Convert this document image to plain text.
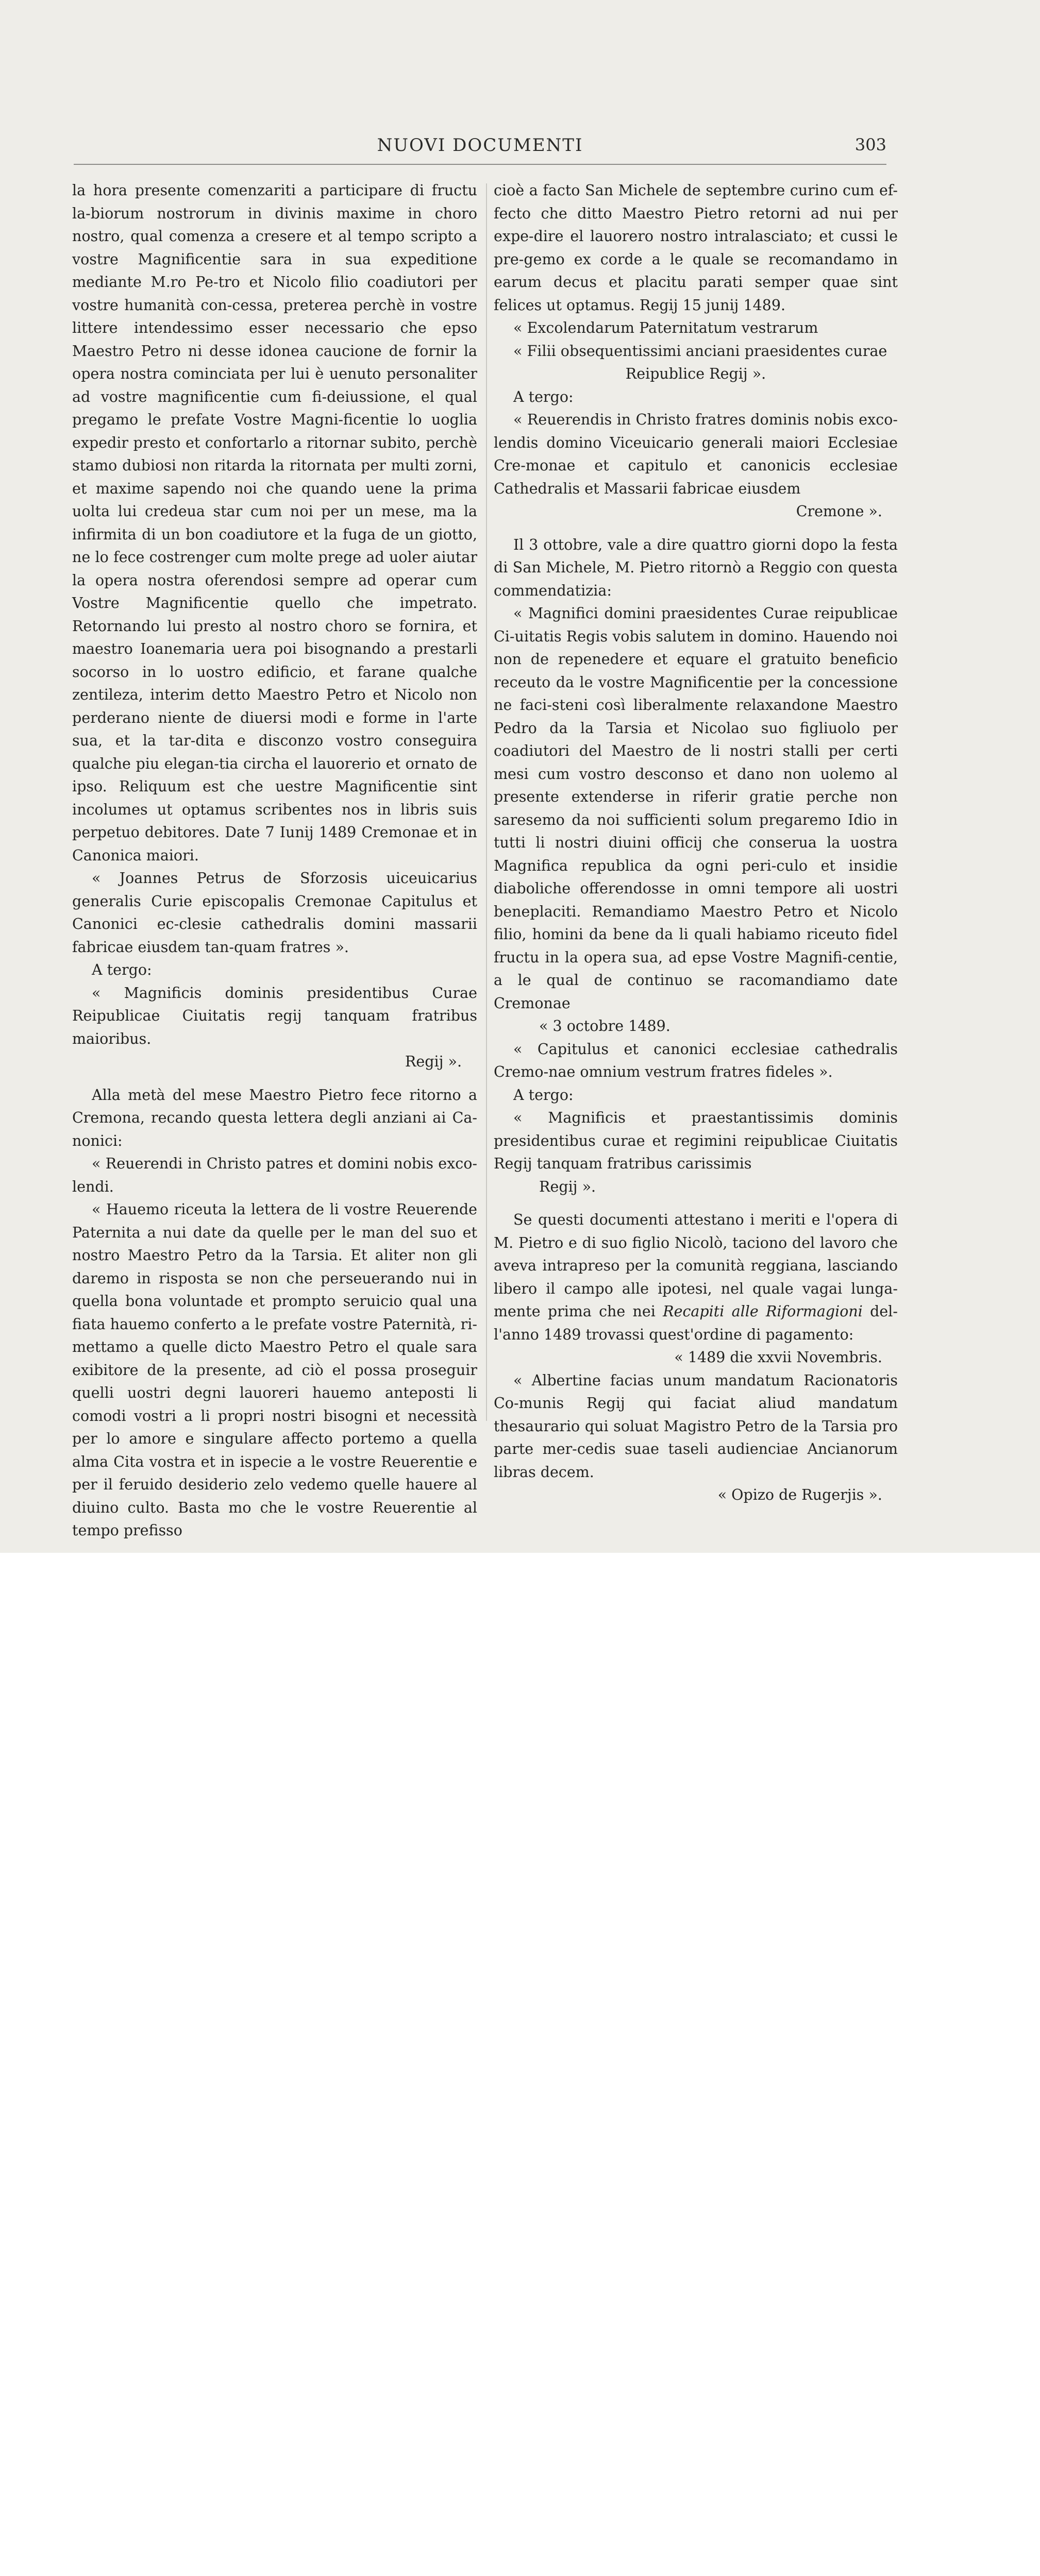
NUOVI DOCUMENTI	303

la hora presente comenzariti a participare di fructu la-biorum nostrorum in divinis maxime in choro nostro, qual comenza a cresere et al tempo scripto a vostre Magnificentie sara in sua expeditione mediante M.ro Pe-tro et Nicolo filio coadiutori per vostre humanità con-cessa, preterea perchè in vostre littere intendessimo esser necessario che epso Maestro Petro ni desse idonea caucione de fornir la opera nostra cominciata per lui è uenuto personaliter ad vostre magnificentie cum fi-deiussione, el qual pregamo le prefate Vostre Magni-ficentie lo uoglia expedir presto et confortarlo a ritornar subito, perchè stamo dubiosi non ritarda la ritornata per multi zorni, et maxime sapendo noi che quando uene la prima uolta lui credeua star cum noi per un mese, ma la infirmita di un bon coadiutore et la fuga de un giotto, ne lo fece costrenger cum molte prege ad uoler aiutar la opera nostra oferendosi sempre ad operar cum Vostre Magnificentie quello che impetrato. Retornando lui presto al nostro choro se fornira, et maestro Ioanemaria uera poi bisognando a prestarli socorso in lo uostro edificio, et farane qualche zentileza, interim detto Maestro Petro et Nicolo non perderano niente de diuersi modi e forme in l'arte sua, et la tar-dita e disconzo vostro conseguira qualche piu elegan-tia circha el lauorerio et ornato de ipso. Reliquum est che uestre Magnificentie sint incolumes ut optamus scribentes nos in libris suis perpetuo debitores. Date 7 Iunij 1489 Cremonae et in Canonica maiori.

« Joannes Petrus de Sforzosis uiceuicarius generalis Curie episcopalis Cremonae Capitulus et Canonici ec-clesie cathedralis domini massarii fabricae eiusdem tan-quam fratres ».

A tergo:

« Magnificis dominis presidentibus Curae Reipublicae Ciuitatis regij tanquam fratribus maioribus.

Regij ».

Alla metà del mese Maestro Pietro fece ritorno a Cremona, recando questa lettera degli anziani ai Ca-nonici:

« Reuerendi in Christo patres et domini nobis exco-lendi.

« Hauemo riceuta la lettera de li vostre Reuerende Paternita a nui date da quelle per le man del suo et nostro Maestro Petro da la Tarsia. Et aliter non gli daremo in risposta se non che perseuerando nui in quella bona voluntade et prompto seruicio qual una fiata hauemo conferto a le prefate vostre Paternità, ri-mettamo a quelle dicto Maestro Petro el quale sara exibitore de la presente, ad ciò el possa proseguir quelli uostri degni lauoreri hauemo anteposti li comodi vostri a li propri nostri bisogni et necessità per lo amore e singulare affecto portemo a quella alma Cita vostra et in ispecie a le vostre Reuerentie e per il feruido desiderio zelo vedemo quelle hauere al diuino culto. Basta mo che le vostre Reuerentie al tempo prefisso

cioè a facto San Michele de septembre curino cum ef-fecto che ditto Maestro Pietro retorni ad nui per expe-dire el lauorero nostro intralasciato; et cussi le pre-gemo ex corde a le quale se recomandamo in earum decus et placitu parati semper quae sint felices ut optamus. Regij 15 junij 1489.

« Excolendarum Paternitatum vestrarum

« Filii obsequentissimi anciani praesidentes curae

Reipublice Regij ».

A tergo:

« Reuerendis in Christo fratres dominis nobis exco-lendis domino Viceuicario generali maiori Ecclesiae Cre-monae et capitulo et canonicis ecclesiae Cathedralis et Massarii fabricae eiusdem

Cremone ».

Il 3 ottobre, vale a dire quattro giorni dopo la festa di San Michele, M. Pietro ritornò a Reggio con questa commendatizia:

« Magnifici domini praesidentes Curae reipublicae Ci-uitatis Regis vobis salutem in domino. Hauendo noi non de repenedere et equare el gratuito beneficio receuto da le vostre Magnificentie per la concessione ne faci-steni così liberalmente relaxandone Maestro Pedro da la Tarsia et Nicolao suo figliuolo per coadiutori del Maestro de li nostri stalli per certi mesi cum vostro desconso et dano non uolemo al presente extenderse in riferir gratie perche non saresemo da noi sufficienti solum pregaremo Idio in tutti li nostri diuini officij che conserua la uostra Magnifica republica da ogni peri-culo et insidie diaboliche offerendosse in omni tempore ali uostri beneplaciti. Remandiamo Maestro Petro et Nicolo filio, homini da bene da li quali habiamo riceuto fidel fructu in la opera sua, ad epse Vostre Magnifi-centie, a le qual de continuo se racomandiamo date Cremonae

« 3 octobre 1489.

« Capitulus et canonici ecclesiae cathedralis Cremo-nae omnium vestrum fratres fideles ».

A tergo:

« Magnificis et praestantissimis dominis presidentibus curae et regimini reipublicae Ciuitatis Regij tanquam fratribus carissimis

Regij ».

Se questi documenti attestano i meriti e l'opera di M. Pietro e di suo figlio Nicolò, taciono del lavoro che aveva intrapreso per la comunità reggiana, lasciando libero il campo alle ipotesi, nel quale vagai lunga-mente prima che nei Recapiti alle Riformagioni del-l'anno 1489 trovassi quest'ordine di pagamento:

« 1489 die xxvii Novembris.

« Albertine facias unum mandatum Racionatoris Co-munis Regij qui faciat aliud mandatum thesaurario qui soluat Magistro Petro de la Tarsia pro parte mer-cedis suae taseli audienciae Ancianorum libras decem.

« Opizo de Rugerjis ».
